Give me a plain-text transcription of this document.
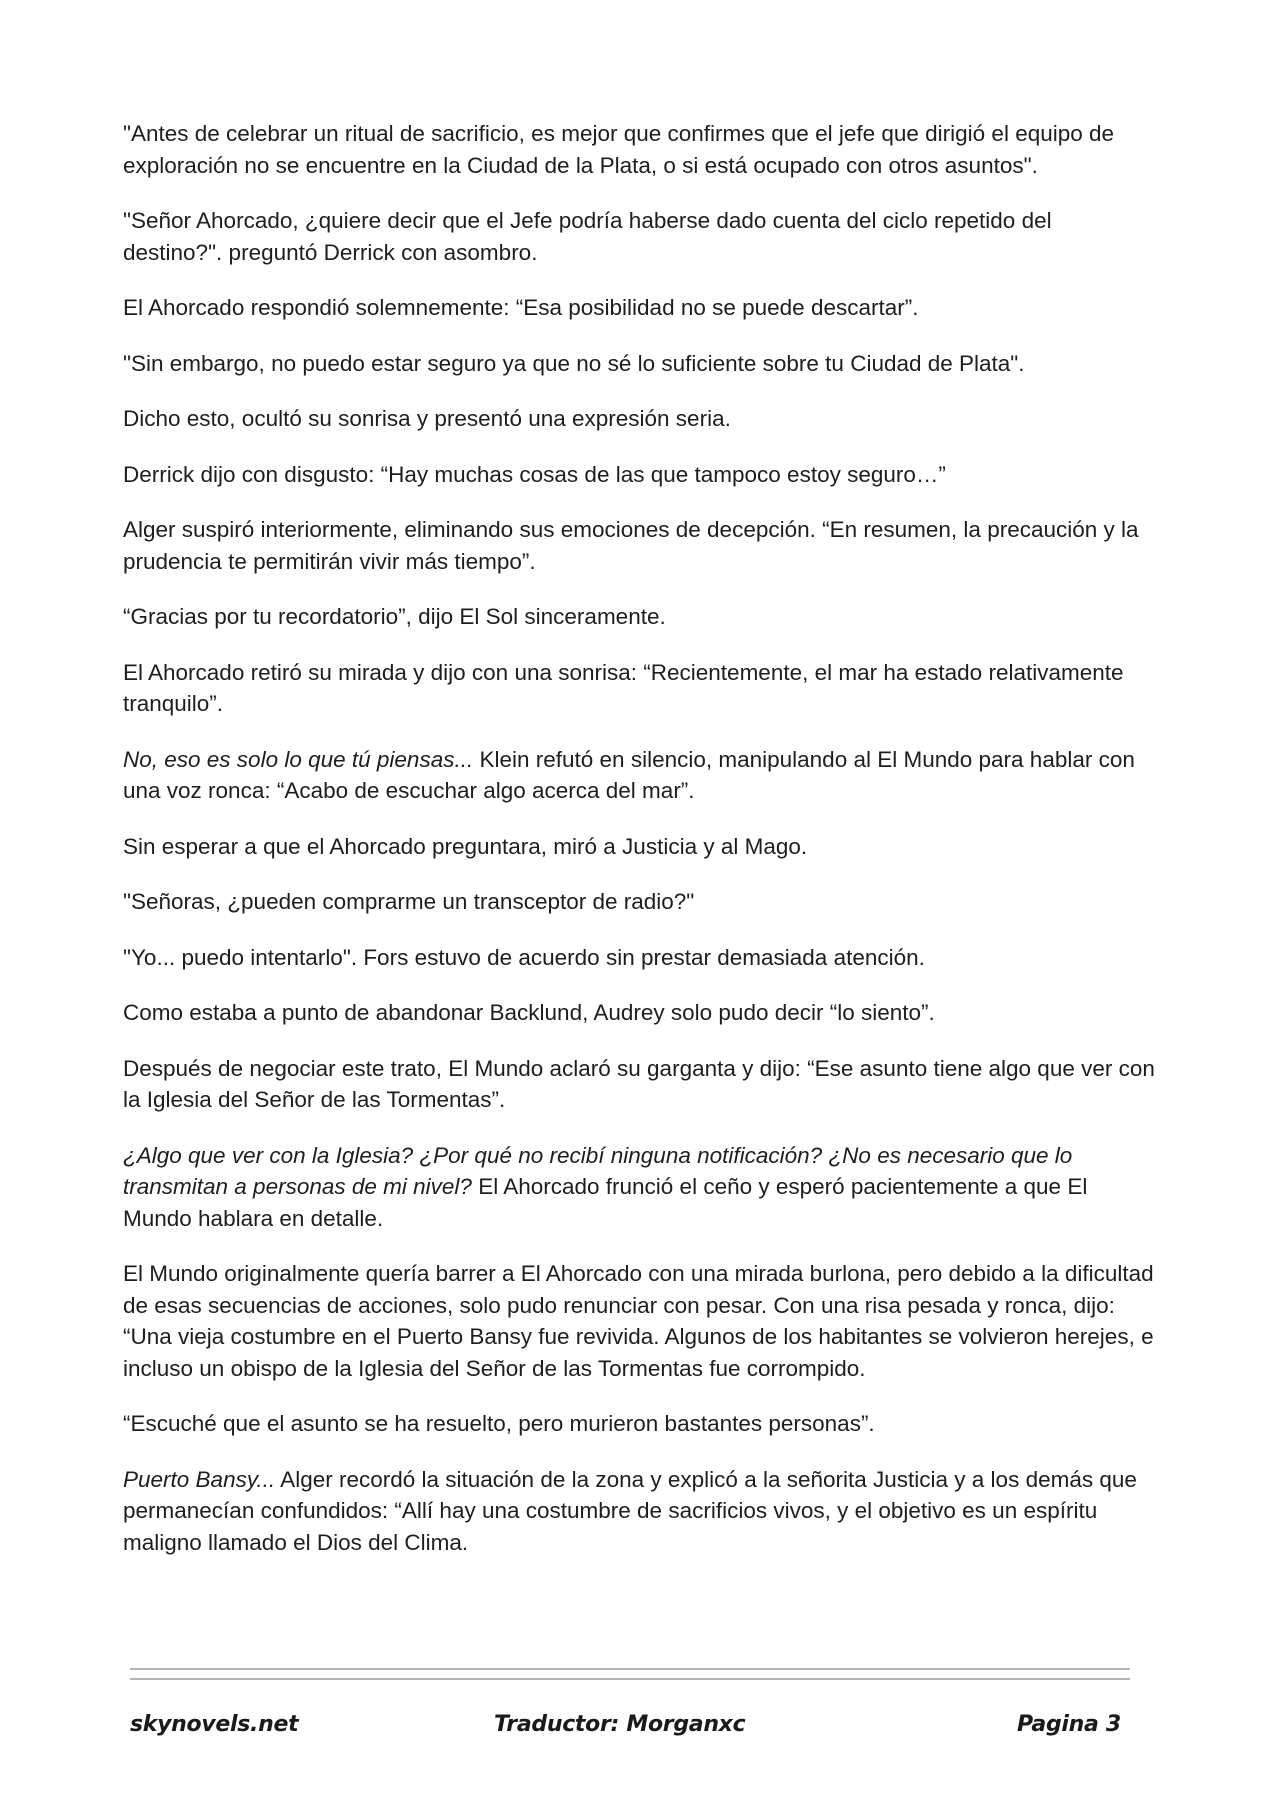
"Antes de celebrar un ritual de sacrificio, es mejor que confirmes que el jefe que dirigió el equipo de exploración no se encuentre en la Ciudad de la Plata, o si está ocupado con otros asuntos".

"Señor Ahorcado, ¿quiere decir que el Jefe podría haberse dado cuenta del ciclo repetido del destino?". preguntó Derrick con asombro.

El Ahorcado respondió solemnemente: “Esa posibilidad no se puede descartar”.

"Sin embargo, no puedo estar seguro ya que no sé lo suficiente sobre tu Ciudad de Plata".

Dicho esto, ocultó su sonrisa y presentó una expresión seria.

Derrick dijo con disgusto: “Hay muchas cosas de las que tampoco estoy seguro…”

Alger suspiró interiormente, eliminando sus emociones de decepción. “En resumen, la precaución y la prudencia te permitirán vivir más tiempo”.

“Gracias por tu recordatorio”, dijo El Sol sinceramente.

El Ahorcado retiró su mirada y dijo con una sonrisa: “Recientemente, el mar ha estado relativamente tranquilo”.

No, eso es solo lo que tú piensas... Klein refutó en silencio, manipulando al El Mundo para hablar con una voz ronca: “Acabo de escuchar algo acerca del mar”.

Sin esperar a que el Ahorcado preguntara, miró a Justicia y al Mago.

"Señoras, ¿pueden comprarme un transceptor de radio?"

"Yo... puedo intentarlo". Fors estuvo de acuerdo sin prestar demasiada atención.

Como estaba a punto de abandonar Backlund, Audrey solo pudo decir “lo siento”.

Después de negociar este trato, El Mundo aclaró su garganta y dijo: “Ese asunto tiene algo que ver con la Iglesia del Señor de las Tormentas”.

¿Algo que ver con la Iglesia? ¿Por qué no recibí ninguna notificación? ¿No es necesario que lo transmitan a personas de mi nivel? El Ahorcado frunció el ceño y esperó pacientemente a que El Mundo hablara en detalle.

El Mundo originalmente quería barrer a El Ahorcado con una mirada burlona, pero debido a la dificultad de esas secuencias de acciones, solo pudo renunciar con pesar. Con una risa pesada y ronca, dijo: “Una vieja costumbre en el Puerto Bansy fue revivida. Algunos de los habitantes se volvieron herejes, e incluso un obispo de la Iglesia del Señor de las Tormentas fue corrompido.

“Escuché que el asunto se ha resuelto, pero murieron bastantes personas”.

Puerto Bansy... Alger recordó la situación de la zona y explicó a la señorita Justicia y a los demás que permanecían confundidos: “Allí hay una costumbre de sacrificios vivos, y el objetivo es un espíritu maligno llamado el Dios del Clima.

skynovels.net	Traductor: Morganxc	Pagina 3
